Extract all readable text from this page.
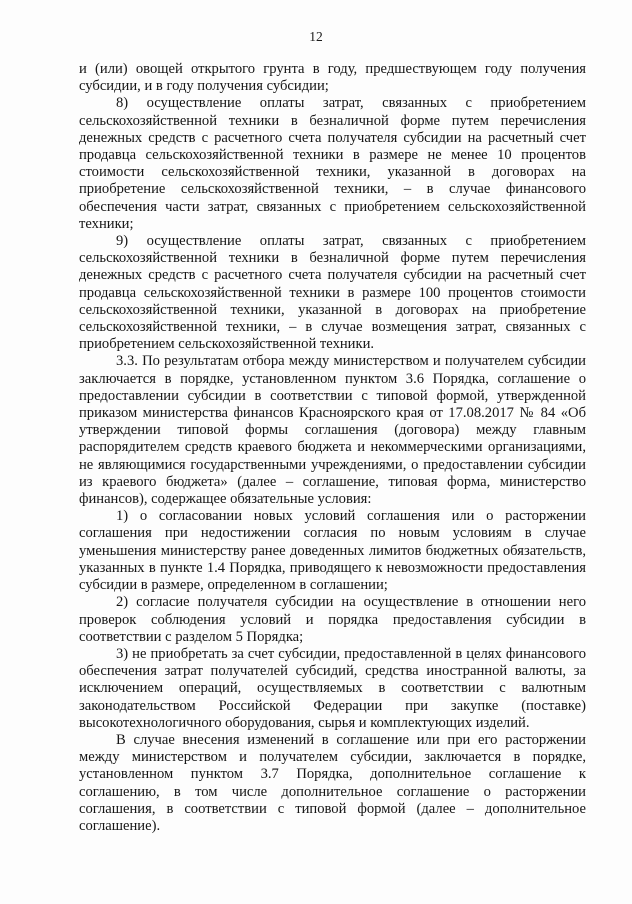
12

и (или) овощей открытого грунта в году, предшествующем году получения субсидии, и в году получения субсидии;

8) осуществление оплаты затрат, связанных с приобретением сельскохозяйственной техники в безналичной форме путем перечисления денежных средств с расчетного счета получателя субсидии на расчетный счет продавца сельскохозяйственной техники в размере не менее 10 процентов стоимости сельскохозяйственной техники, указанной в договорах на приобретение сельскохозяйственной техники, – в случае финансового обеспечения части затрат, связанных с приобретением сельскохозяйственной техники;

9) осуществление оплаты затрат, связанных с приобретением сельскохозяйственной техники в безналичной форме путем перечисления денежных средств с расчетного счета получателя субсидии на расчетный счет продавца сельскохозяйственной техники в размере 100 процентов стоимости сельскохозяйственной техники, указанной в договорах на приобретение сельскохозяйственной техники, – в случае возмещения затрат, связанных с приобретением сельскохозяйственной техники.

3.3. По результатам отбора между министерством и получателем субсидии заключается в порядке, установленном пунктом 3.6 Порядка, соглашение о предоставлении субсидии в соответствии с типовой формой, утвержденной приказом министерства финансов Красноярского края от 17.08.2017 № 84 «Об утверждении типовой формы соглашения (договора) между главным распорядителем средств краевого бюджета и некоммерческими организациями, не являющимися государственными учреждениями, о предоставлении субсидии из краевого бюджета» (далее – соглашение, типовая форма, министерство финансов), содержащее обязательные условия:

1) о согласовании новых условий соглашения или о расторжении соглашения при недостижении согласия по новым условиям в случае уменьшения министерству ранее доведенных лимитов бюджетных обязательств, указанных в пункте 1.4 Порядка, приводящего к невозможности предоставления субсидии в размере, определенном в соглашении;

2) согласие получателя субсидии на осуществление в отношении него проверок соблюдения условий и порядка предоставления субсидии в соответствии с разделом 5 Порядка;

3) не приобретать за счет субсидии, предоставленной в целях финансового обеспечения затрат получателей субсидий, средства иностранной валюты, за исключением операций, осуществляемых в соответствии с валютным законодательством Российской Федерации при закупке (поставке) высокотехнологичного оборудования, сырья и комплектующих изделий.

В случае внесения изменений в соглашение или при его расторжении между министерством и получателем субсидии, заключается в порядке, установленном пунктом 3.7 Порядка, дополнительное соглашение к соглашению, в том числе дополнительное соглашение о расторжении соглашения, в соответствии с типовой формой (далее – дополнительное соглашение).
